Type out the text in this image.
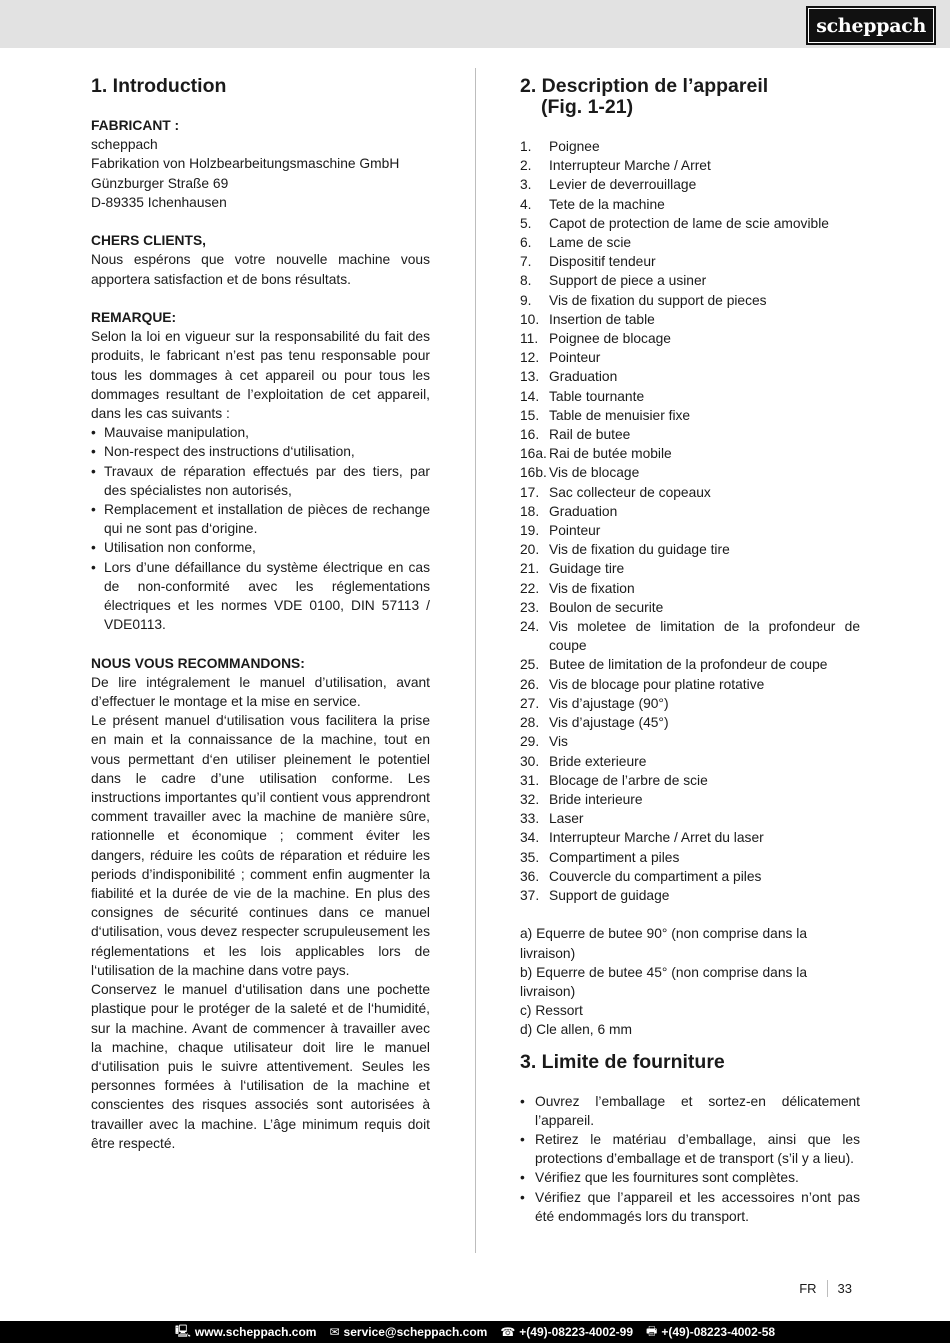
scheppach
1. Introduction

FABRICANT :

scheppach
Fabrikation von Holzbearbeitungsmaschine GmbH
Günzburger Straße 69
D-89335 Ichenhausen

CHERS CLIENTS,

Nous espérons que votre nouvelle machine vous apportera satisfaction et de bons résultats.

REMARQUE:

Selon la loi en vigueur sur la responsabilité du fait des produits, le fabricant n’est pas tenu responsable pour tous les dommages à cet appareil ou pour tous les dommages resultant de l’exploitation de cet appareil, dans les cas suivants :

• Mauvaise manipulation,
• Non-respect des instructions d‘utilisation,
• Travaux de réparation effectués par des tiers, par des spécialistes non autorisés,
• Remplacement et installation de pièces de rechange qui ne sont pas d‘origine.
• Utilisation non conforme,
• Lors d’une défaillance du système électrique en cas de non-conformité avec les réglementations électriques et les normes VDE 0100, DIN 57113 / VDE0113.

NOUS VOUS RECOMMANDONS:

De lire intégralement le manuel d’utilisation, avant d’effectuer le montage et la mise en service.

Le présent manuel d‘utilisation vous facilitera la prise en main et la connaissance de la machine, tout en vous permettant d‘en utiliser pleinement le potentiel dans le cadre d’une utilisation conforme. Les instructions importantes qu’il contient vous apprendront comment travailler avec la machine de manière sûre, rationnelle et économique ; comment éviter les dangers, réduire les coûts de réparation et réduire les periods d’indisponibilité ; comment enfin augmenter la fiabilité et la durée de vie de la machine. En plus des consignes de sécurité continues dans ce manuel d‘utilisation, vous devez respecter scrupuleusement les réglementations et les lois applicables lors de l‘utilisation de la machine dans votre pays.

Conservez le manuel d‘utilisation dans une pochette plastique pour le protéger de la saleté et de l‘humidité, sur la machine. Avant de commencer à travailler avec la machine, chaque utilisateur doit lire le manuel d‘utilisation puis le suivre attentivement. Seules les personnes formées à l‘utilisation de la machine et conscientes des risques associés sont autorisées à travailler avec la machine. L’âge minimum requis doit être respecté.

2. Description de l’appareil
(Fig. 1-21)
1.	Poignee
2.	Interrupteur Marche / Arret
3.	Levier de deverrouillage
4.	Tete de la machine
5.	Capot de protection de lame de scie amovible
6.	Lame de scie
7.	Dispositif tendeur
8.	Support de piece a usiner
9.	Vis de fixation du support de pieces
10. Insertion de table
11. Poignee de blocage
12. Pointeur
13. Graduation
14. Table tournante
15. Table de menuisier fixe
16. Rail de butee
16a. Rai de butée mobile
16b. Vis de blocage
17. Sac collecteur de copeaux
18. Graduation
19. Pointeur
20. Vis de fixation du guidage tire
21. Guidage tire
22. Vis de fixation
23. Boulon de securite
24. Vis moletee de limitation de la profondeur de coupe
25. Butee de limitation de la profondeur de coupe
26. Vis de blocage pour platine rotative
27. Vis d’ajustage (90°)
28. Vis d’ajustage (45°)
29. Vis
30. Bride exterieure
31. Blocage de l’arbre de scie
32. Bride interieure
33. Laser
34. Interrupteur Marche / Arret du laser
35. Compartiment a piles
36. Couvercle du compartiment a piles
37. Support de guidage
a) Equerre de butee 90° (non comprise dans la livraison)
b) Equerre de butee 45° (non comprise dans la livraison)
c) Ressort
d) Cle allen, 6 mm
3. Limite de fourniture
• Ouvrez l’emballage et sortez-en délicatement l’appareil.
• Retirez le matériau d’emballage, ainsi que les protections d’emballage et de transport (s’il y a lieu).
• Vérifiez que les fournitures sont complètes.
• Vérifiez que l’appareil et les accessoires n’ont pas été endommagés lors du transport.
FR	33
🖳 www.scheppach.com ✉ service@scheppach.com ☎ +(49)-08223-4002-99 🖶 +(49)-08223-4002-58
